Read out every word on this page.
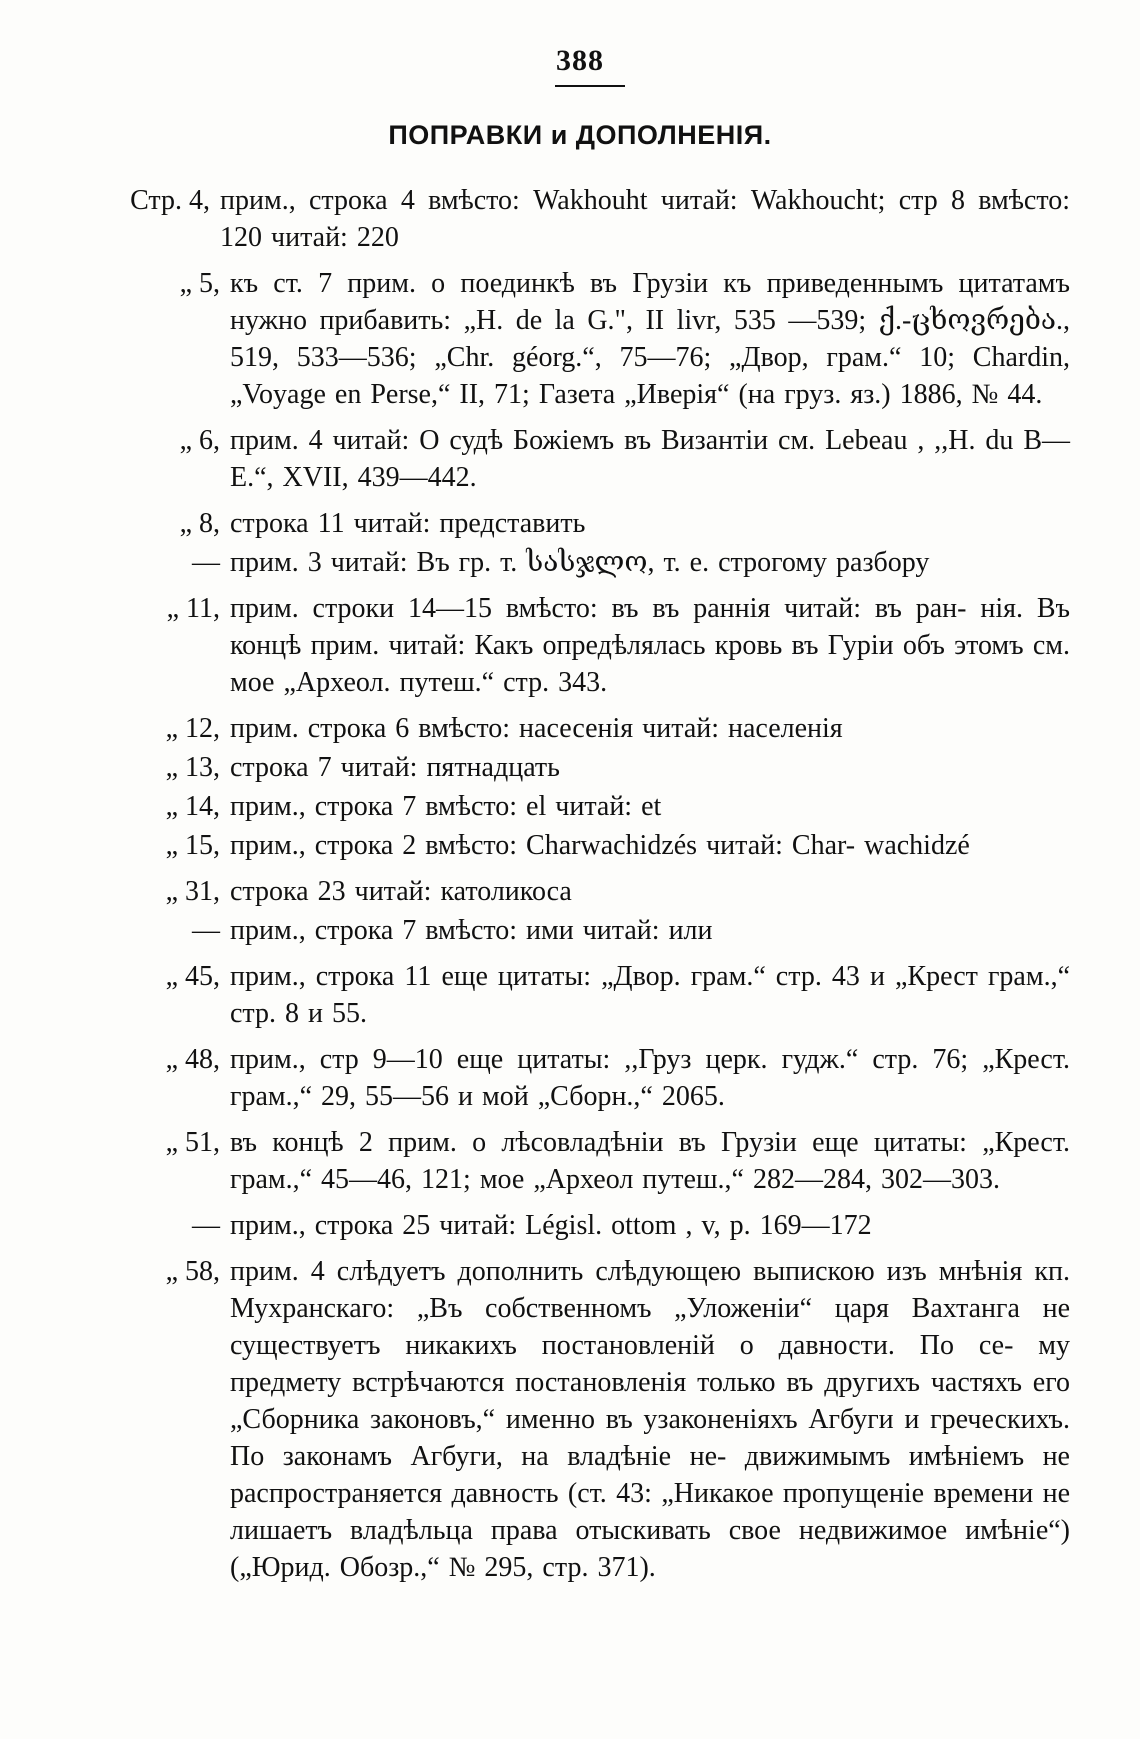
388
ПОПРАВКИ и ДОПОЛНЕНІЯ.
Стр. 4, прим., строка 4 вмѣсто: Wakhouht читай: Wakhoucht; стр 8 вмѣсто: 120 читай: 220
„ 5, къ ст. 7 прим. о поединкѣ въ Грузіи къ приведеннымъ цитатамъ нужно прибавить: „H. de la G.", II livr, 535 —539; ქ.-ცხოვრება., 519, 533—536; „Chr. géorg.“, 75—76; „Двор, грам.“ 10; Chardin, „Voyage en Perse,“ II, 71; Газета „Иверія“ (на груз. яз.) 1886, № 44.
„ 6, прим. 4 читай: О судѣ Божіемъ въ Византіи см. Lebeau , ,,H. du B—E.“, XVII, 439—442.
„ 8, строка 11 читай: представить
— прим. 3 читай: Въ гр. т. სასჯლო, т. е. строгому разбору
„ 11, прим. строки 14—15 вмѣсто: въ въ раннія читай: въ ран- нія. Въ концѣ прим. читай: Какъ опредѣлялась кровь въ Гуріи объ этомъ см. мое „Археол. путеш.“ стр. 343.
„ 12, прим. строка 6 вмѣсто: насесенія читай: населенія
„ 13, строка 7 читай: пятнадцать
„ 14, прим., строка 7 вмѣсто: el читай: et
„ 15, прим., строка 2 вмѣсто: Charwachidzés читай: Char- wachidzé
„ 31, строка 23 читай: католикоса
— прим., строка 7 вмѣсто: ими читай: или
„ 45, прим., строка 11 еще цитаты: „Двор. грам.“ стр. 43 и „Крест грам.,“ стр. 8 и 55.
„ 48, прим., стр 9—10 еще цитаты: ,,Груз церк. гудж.“ стр. 76; „Крест. грам.,“ 29, 55—56 и мой „Сборн.,“ 2065.
„ 51, въ концѣ 2 прим. о лѣсовладѣніи въ Грузіи еще цитаты: „Крест. грам.,“ 45—46, 121; мое „Археол путеш.,“ 282—284, 302—303.
— прим., строка 25 читай: Législ. ottom , v, p. 169—172
„ 58, прим. 4 слѣдуетъ дополнить слѣдующею выпискою изъ мнѣнія кп. Мухранскаго: „Въ собственномъ „Уложеніи“ царя Вахтанга не существуетъ никакихъ постановленій о давности. По се- му предмету встрѣчаются постановленія только въ другихъ частяхъ его „Сборника законовъ,“ именно въ узаконеніяхъ Агбуги и греческихъ. По законамъ Агбуги, на владѣніе не- движимымъ имѣніемъ не распространяется давность (ст. 43: „Никакое пропущеніе времени не лишаетъ владѣльца права отыскивать свое недвижимое имѣніе“) („Юрид. Обозр.,“ № 295, стр. 371).
